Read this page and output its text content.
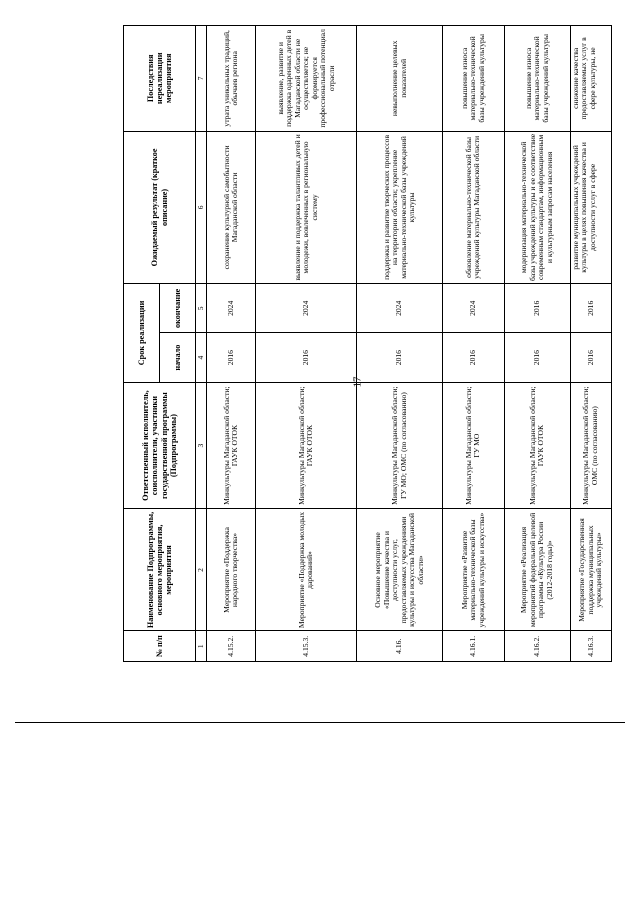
17
№ п/п	Наименование Подпрограммы, основного мероприятия, мероприятия	Ответственный исполнитель, соисполнители, участники государственной программы (Подпрограммы)	Срок реализации		Ожидаемый результат (краткое описание)	Последствия нереализации мероприятия
			начало	окончание		
1	2	3	4	5	6	7
4.15.2.	Мероприятие «Поддержка народного творчества»	Минкультуры Магаданской области; ГАУК ОТОК	2016	2024	сохранение культурной самобытности Магаданской области	утрата уникальных традиций, обычаев региона
4.15.3.	Мероприятие «Поддержка молодых дарований»	Минкультуры Магаданской области; ГАУК ОТОК	2016	2024	выявление и поддержка талантливых детей и молодежи, вовлеченных в региональную систему	выявление, развитие и поддержка одаренных детей в Магаданской области не осуществляется; не формируется профессиональный потенциал отрасли
4.16.	Основное мероприятие «Повышение качества и доступности услуг, предоставляемых учреждениями культуры и искусства Магаданской области»	Минкультуры Магаданской области; ГУ МО; ОМС (по согласованию)	2016	2024	поддержка и развитие творческих процессов на территории области; укрепление материально-технической базы учреждений культуры	невыполнение целевых показателей
4.16.1.	Мероприятие «Развитие материально-технической базы учреждений культуры и искусства»	Минкультуры Магаданской области; ГУ МО	2016	2024	обновление материально-технической базы учреждений культуры Магаданской области	повышение износа материально-технической базы учреждений культуры
4.16.2.	Мероприятие «Реализация мероприятий федеральной целевой программы «Культура России (2012-2018 годы)»	Минкультуры Магаданской области; ГАУК ОТОК	2016	2016	модернизация материально-технической базы учреждений культуры и ее соответствие современным стандартам, информационным и культурным запросам населения	повышение износа материально-технической базы учреждений культуры
4.16.3.	Мероприятие «Государственная поддержка муниципальных учреждений культуры»	Минкультуры Магаданской области; ОМС (по согласованию)	2016	2016	развитие муниципальных учреждений культуры в целях повышения качества и доступности услуг в сфере	снижение качества предоставляемых услуг в сфере культуры, не
